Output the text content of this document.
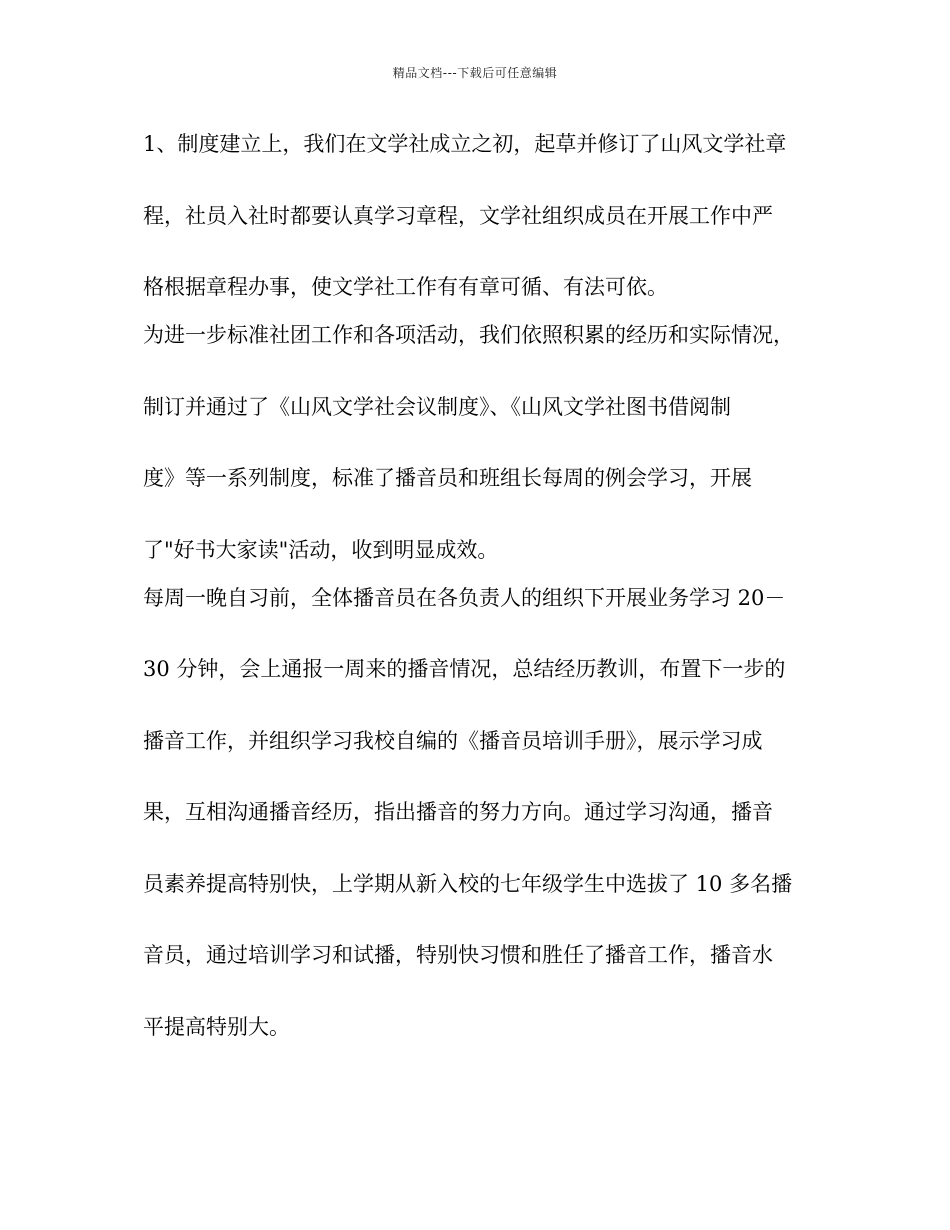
精品文档---下载后可任意编辑
1、制度建立上，我们在文学社成立之初，起草并修订了山风文学社章
程，社员入社时都要认真学习章程，文学社组织成员在开展工作中严
格根据章程办事，使文学社工作有有章可循、有法可依。
为进一步标准社团工作和各项活动，我们依照积累的经历和实际情况，
制订并通过了《山风文学社会议制度》、《山风文学社图书借阅制
度》等一系列制度，标准了播音员和班组长每周的例会学习，开展
了"好书大家读"活动，收到明显成效。
每周一晚自习前，全体播音员在各负责人的组织下开展业务学习 20－
30 分钟，会上通报一周来的播音情况，总结经历教训，布置下一步的
播音工作，并组织学习我校自编的《播音员培训手册》，展示学习成
果，互相沟通播音经历，指出播音的努力方向。通过学习沟通，播音
员素养提高特别快，上学期从新入校的七年级学生中选拔了 10 多名播
音员，通过培训学习和试播，特别快习惯和胜任了播音工作，播音水
平提高特别大。
